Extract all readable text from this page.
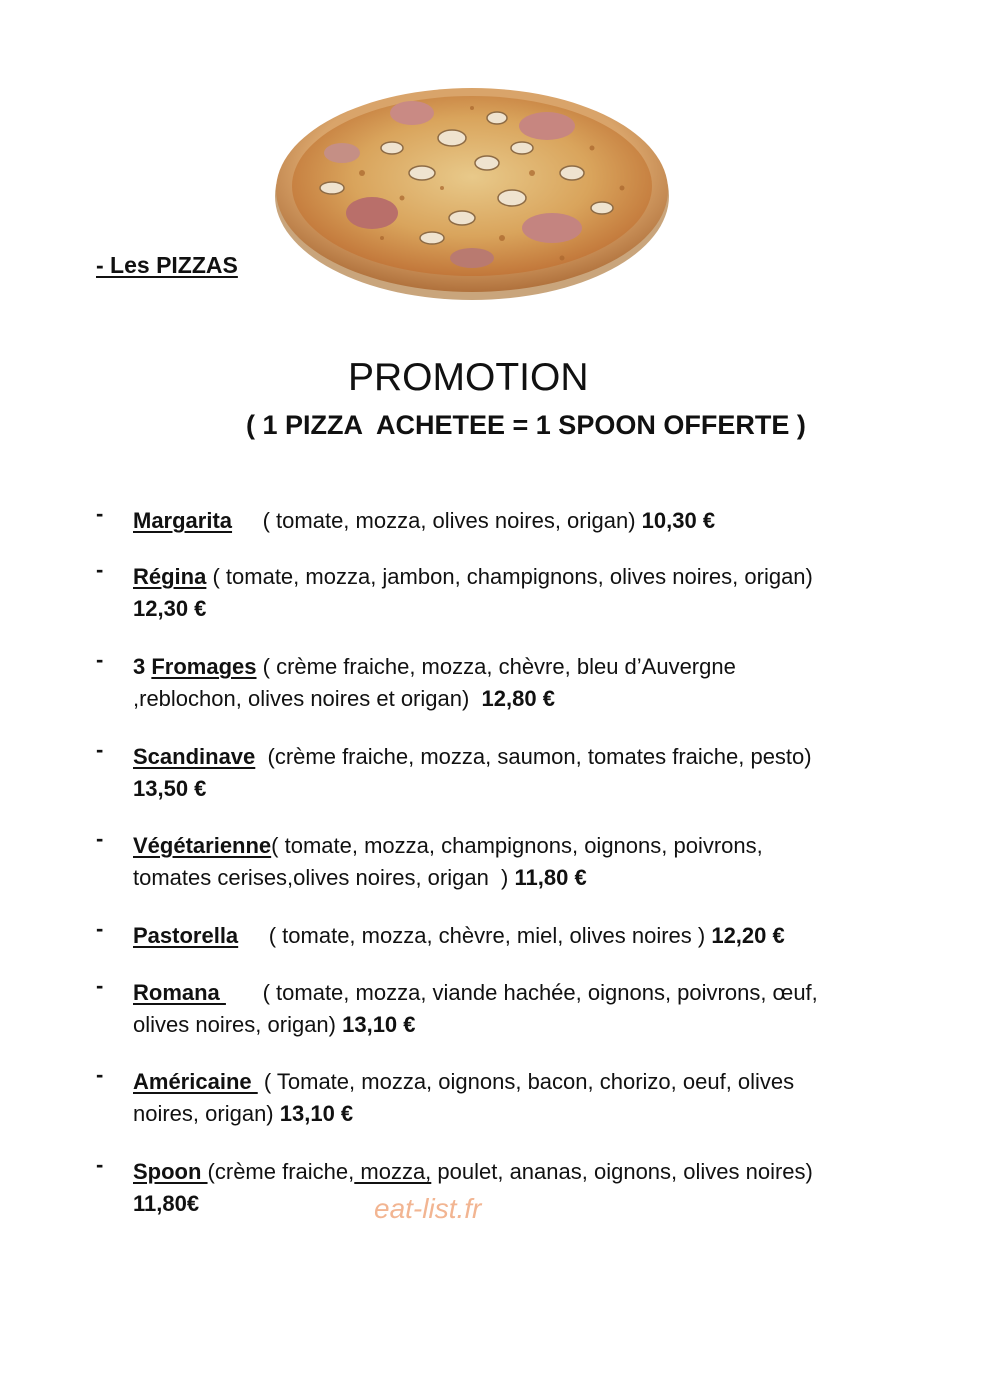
- Les PIZZAS
PROMOTION
( 1 PIZZA  ACHETEE = 1 SPOON OFFERTE )
- Margarita     ( tomate, mozza, olives noires, origan) 10,30 €
- Régina ( tomate, mozza, jambon, champignons, olives noires, origan)
12,30 €
- 3 Fromages ( crème fraiche, mozza, chèvre, bleu d’Auvergne
,reblochon, olives noires et origan)  12,80 €
- Scandinave  (crème fraiche, mozza, saumon, tomates fraiche, pesto)
13,50 €
- Végétarienne( tomate, mozza, champignons, oignons, poivrons,
tomates cerises,olives noires, origan  ) 11,80 €
- Pastorella     ( tomate, mozza, chèvre, miel, olives noires ) 12,20 €
- Romana       ( tomate, mozza, viande hachée, oignons, poivrons, œuf,
olives noires, origan) 13,10 €
- Américaine  ( Tomate, mozza, oignons, bacon, chorizo, oeuf, olives
noires, origan) 13,10 €
- Spoon (crème fraiche, mozza, poulet, ananas, oignons, olives noires)
11,80€	eat-list.fr
